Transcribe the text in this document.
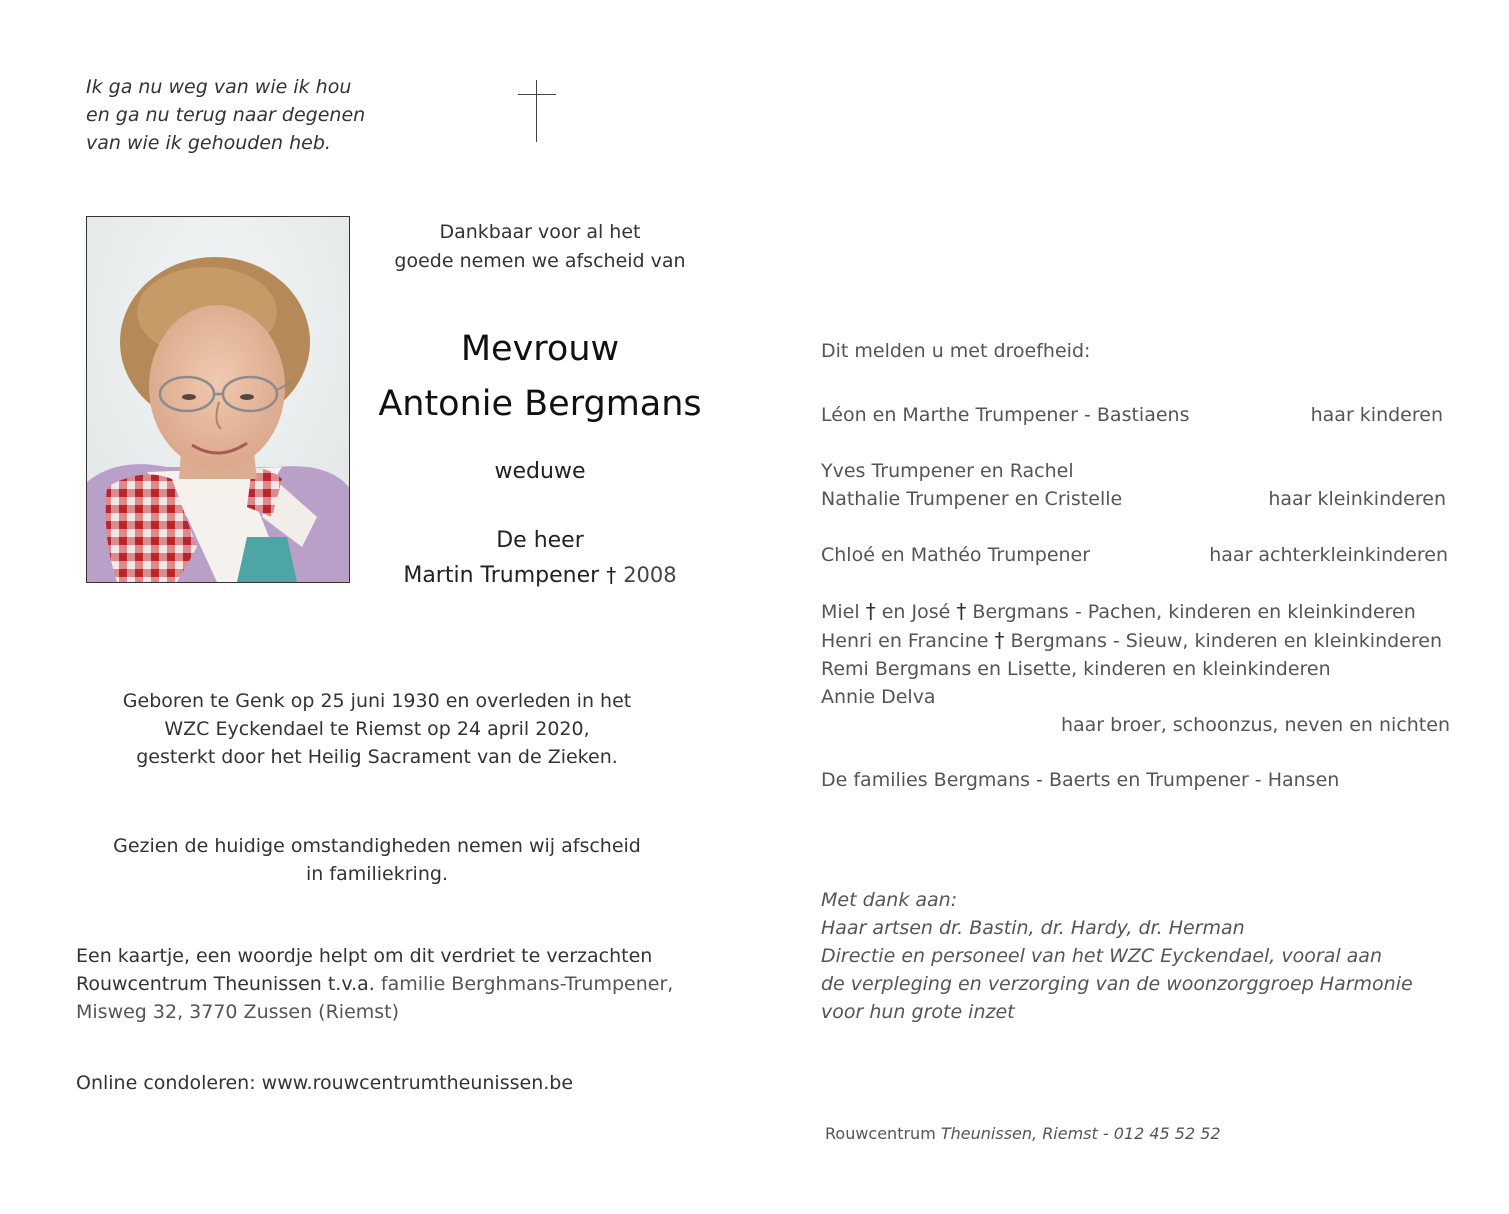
Ik ga nu weg van wie ik hou
en ga nu terug naar degenen
van wie ik gehouden heb.
Dankbaar voor al het
goede nemen we afscheid van
Mevrouw
Antonie Bergmans
weduwe
De heer
Martin Trumpener † 2008
Geboren te Genk op 25 juni 1930 en overleden in het
WZC Eyckendael te Riemst op 24 april 2020,
gesterkt door het Heilig Sacrament van de Zieken.
Gezien de huidige omstandigheden nemen wij afscheid
in familiekring.
Een kaartje, een woordje helpt om dit verdriet te verzachten
Rouwcentrum Theunissen t.v.a. familie Berghmans-Trumpener,
Misweg 32, 3770 Zussen (Riemst)
Online condoleren: www.rouwcentrumtheunissen.be
Dit melden u met droefheid:
Léon en Marthe Trumpener - Bastiaens	haar kinderen
Yves Trumpener en Rachel
Nathalie Trumpener en Cristelle	haar kleinkinderen
Chloé en Mathéo Trumpener	haar achterkleinkinderen
Miel † en José † Bergmans - Pachen, kinderen en kleinkinderen
Henri en Francine † Bergmans - Sieuw, kinderen en kleinkinderen
Remi Bergmans en Lisette, kinderen en kleinkinderen
Annie Delva
haar broer, schoonzus, neven en nichten
De families Bergmans - Baerts en Trumpener - Hansen
Met dank aan:
Haar artsen dr. Bastin, dr. Hardy, dr. Herman
Directie en personeel van het WZC Eyckendael, vooral aan
de verpleging en verzorging van de woonzorggroep Harmonie
voor hun grote inzet
Rouwcentrum Theunissen, Riemst - 012 45 52 52
